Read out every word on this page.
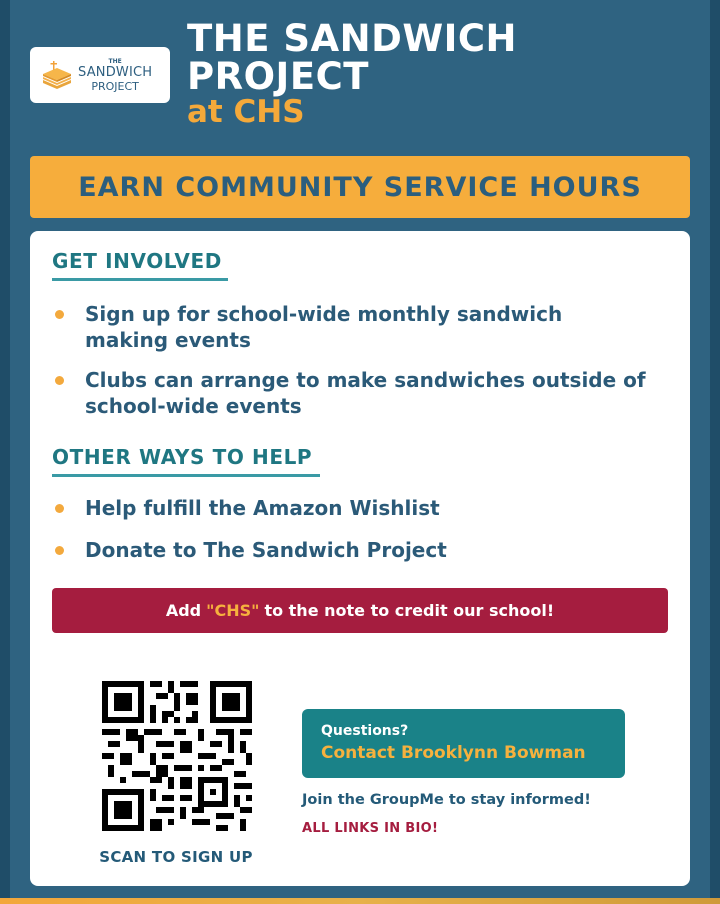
THE
SANDWICH
PROJECT
THE SANDWICH
PROJECT
at CHS
EARN COMMUNITY SERVICE HOURS
GET INVOLVED
Sign up for school-wide monthly sandwich making events
Clubs can arrange to make sandwiches outside of school-wide events
OTHER WAYS TO HELP
Help fulfill the Amazon Wishlist
Donate to The Sandwich Project
Add "CHS" to the note to credit our school!
SCAN TO SIGN UP
Questions?
Contact Brooklynn Bowman
Join the GroupMe to stay informed!
ALL LINKS IN BIO!
